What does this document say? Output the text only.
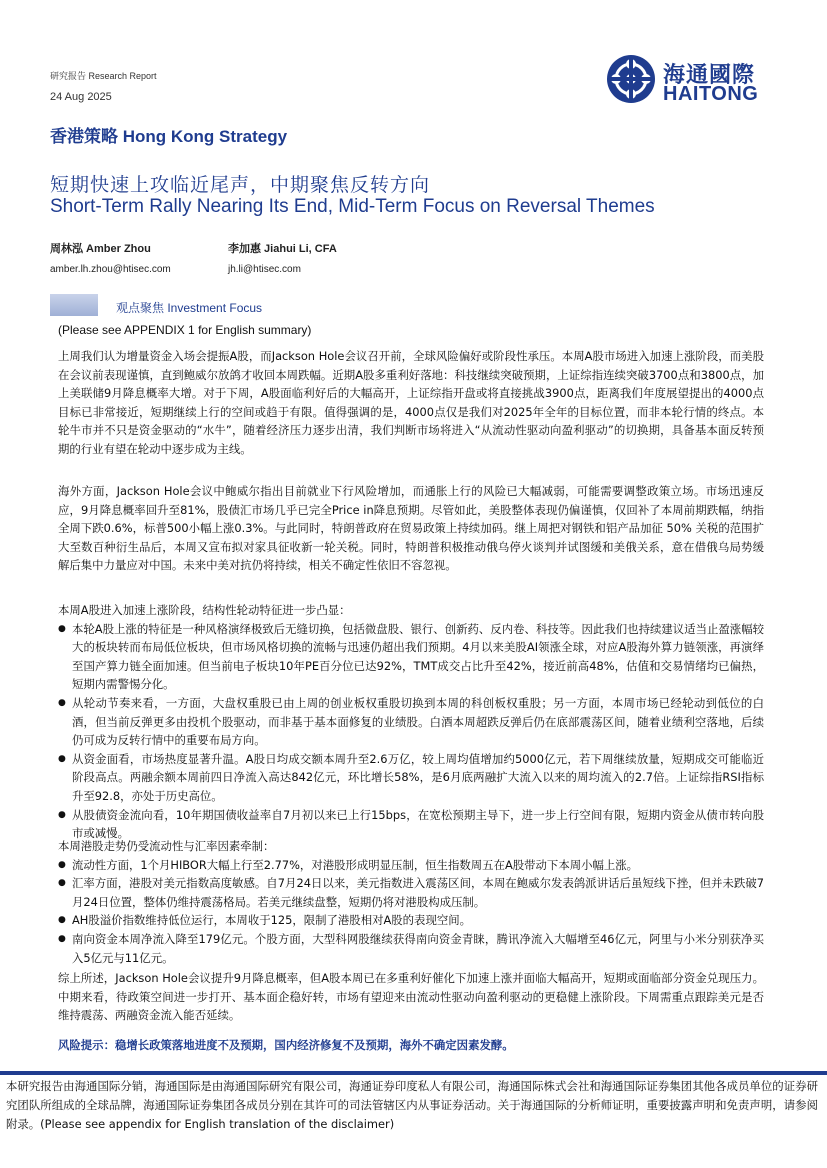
研究报告 Research Report
24 Aug 2025
海通國際
HAITONG
香港策略 Hong Kong Strategy
短期快速上攻临近尾声，中期聚焦反转方向
Short-Term Rally Nearing Its End, Mid-Term Focus on Reversal Themes
周林泓 Amber Zhou
amber.lh.zhou@htisec.com
李加惠 Jiahui Li, CFA
jh.li@htisec.com
观点聚焦 Investment Focus
(Please see APPENDIX 1 for English summary)

上周我们认为增量资金入场会提振A股，而Jackson Hole会议召开前，全球风险偏好或阶段性承压。本周A股市场进入加速上涨阶段，而美股在会议前表现谨慎，直到鲍威尔放鸽才收回本周跌幅。近期A股多重利好落地：科技继续突破预期，上证综指连续突破3700点和3800点，加上美联储9月降息概率大增。对于下周，A股面临利好后的大幅高开，上证综指开盘或将直接挑战3900点，距离我们年度展望提出的4000点目标已非常接近，短期继续上行的空间或趋于有限。值得强调的是，4000点仅是我们对2025年全年的目标位置，而非本轮行情的终点。本轮牛市并不只是资金驱动的“水牛”，随着经济压力逐步出清，我们判断市场将进入“从流动性驱动向盈利驱动”的切换期，具备基本面反转预期的行业有望在轮动中逐步成为主线。

海外方面，Jackson Hole会议中鲍威尔指出目前就业下行风险增加，而通胀上行的风险已大幅减弱，可能需要调整政策立场。市场迅速反应，9月降息概率回升至81%，股债汇市场几乎已完全Price in降息预期。尽管如此，美股整体表现仍偏谨慎，仅回补了本周前期跌幅，纳指全周下跌0.6%，标普500小幅上涨0.3%。与此同时，特朗普政府在贸易政策上持续加码。继上周把对钢铁和铝产品加征 50% 关税的范围扩大至数百种衍生品后，本周又宣布拟对家具征收新一轮关税。同时，特朗普积极推动俄乌停火谈判并试图缓和美俄关系，意在借俄乌局势缓解后集中力量应对中国。未来中美对抗仍将持续，相关不确定性依旧不容忽视。

本周A股进入加速上涨阶段，结构性轮动特征进一步凸显：

● 本轮A股上涨的特征是一种风格演绎极致后无缝切换，包括微盘股、银行、创新药、反内卷、科技等。因此我们也持续建议适当止盈涨幅较大的板块转而布局低位板块，但市场风格切换的流畅与迅速仍超出我们预期。4月以来美股AI领涨全球，对应A股海外算力链领涨，再演绎至国产算力链全面加速。但当前电子板块10年PE百分位已达92%，TMT成交占比升至42%，接近前高48%，估值和交易情绪均已偏热，短期内需警惕分化。
● 从轮动节奏来看，一方面，大盘权重股已由上周的创业板权重股切换到本周的科创板权重股；另一方面，本周市场已经轮动到低位的白酒，但当前反弹更多由投机个股驱动，而非基于基本面修复的业绩股。白酒本周超跌反弹后仍在底部震荡区间，随着业绩利空落地，后续仍可成为反转行情中的重要布局方向。
● 从资金面看，市场热度显著升温。A股日均成交额本周升至2.6万亿，较上周均值增加约5000亿元，若下周继续放量，短期成交可能临近阶段高点。两融余额本周前四日净流入高达842亿元，环比增长58%，是6月底两融扩大流入以来的周均流入的2.7倍。上证综指RSI指标升至92.8，亦处于历史高位。
● 从股债资金流向看，10年期国债收益率自7月初以来已上行15bps，在宽松预期主导下，进一步上行空间有限，短期内资金从债市转向股市或减慢。

本周港股走势仍受流动性与汇率因素牵制：

● 流动性方面，1个月HIBOR大幅上行至2.77%，对港股形成明显压制，恒生指数周五在A股带动下本周小幅上涨。
● 汇率方面，港股对美元指数高度敏感。自7月24日以来，美元指数进入震荡区间，本周在鲍威尔发表鸽派讲话后虽短线下挫，但并未跌破7月24日位置，整体仍维持震荡格局。若美元继续盘整，短期仍将对港股构成压制。
● AH股溢价指数维持低位运行，本周收于125，限制了港股相对A股的表现空间。
● 南向资金本周净流入降至179亿元。个股方面，大型科网股继续获得南向资金青睐，腾讯净流入大幅增至46亿元，阿里与小米分别获净买入5亿元与11亿元。

综上所述，Jackson Hole会议提升9月降息概率，但A股本周已在多重利好催化下加速上涨并面临大幅高开，短期或面临部分资金兑现压力。中期来看，待政策空间进一步打开、基本面企稳好转，市场有望迎来由流动性驱动向盈利驱动的更稳健上涨阶段。下周需重点跟踪美元是否维持震荡、两融资金流入能否延续。

风险提示：稳增长政策落地进度不及预期，国内经济修复不及预期，海外不确定因素发酵。
本研究报告由海通国际分销，海通国际是由海通国际研究有限公司，海通证券印度私人有限公司，海通国际株式会社和海通国际证券集团其他各成员单位的证券研究团队所组成的全球品牌，海通国际证券集团各成员分别在其许可的司法管辖区内从事证券活动。关于海通国际的分析师证明，重要披露声明和免责声明，请参阅附录。(Please see appendix for English translation of the disclaimer)
